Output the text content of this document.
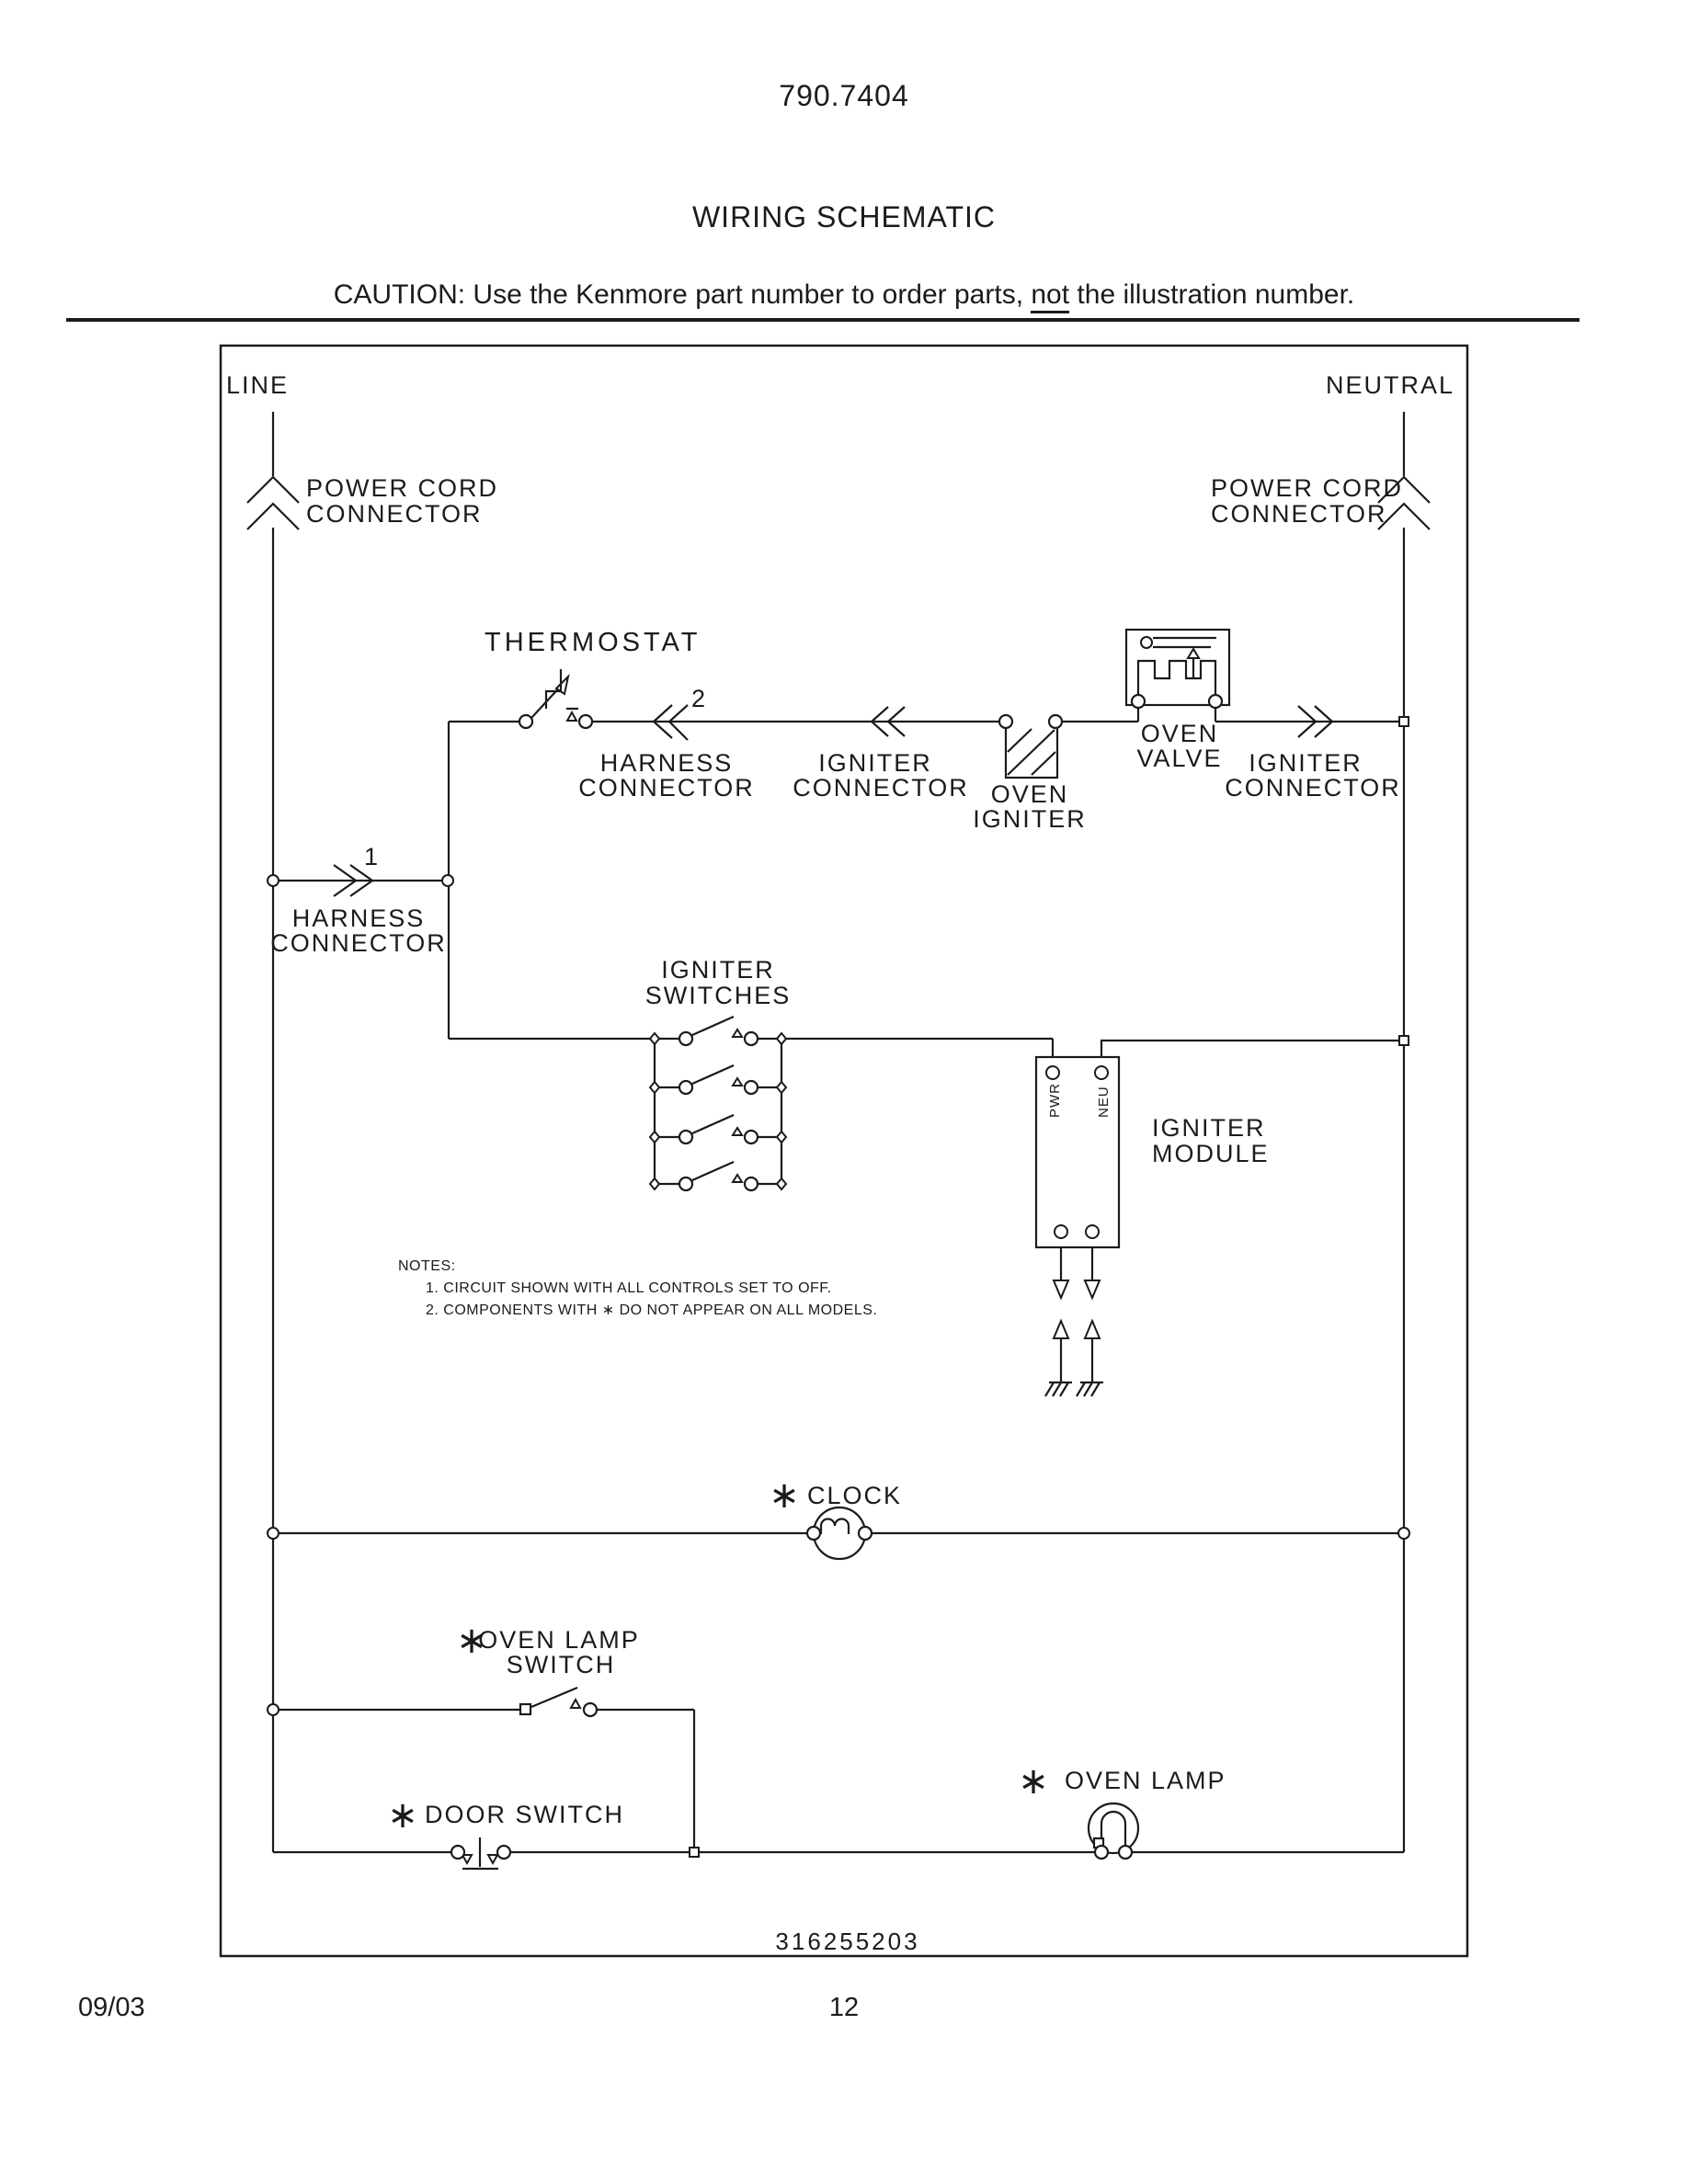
790.7404
WIRING SCHEMATIC
CAUTION: Use the Kenmore part number to order parts, not the illustration number.
LINE	NEUTRAL
POWER CORD
CONNECTOR
POWER CORD
CONNECTOR
THERMOSTAT
2
HARNESS
CONNECTOR
IGNITER
CONNECTOR OVEN
IGNITER
OVEN
VALVE IGNITER
CONNECTOR
1
HARNESS
CONNECTOR
IGNITER
SWITCHES
PWR NEU
IGNITER
MODULE
NOTES:
1. CIRCUIT SHOWN WITH ALL CONTROLS SET TO OFF.
2. COMPONENTS WITH ∗ DO NOT APPEAR ON ALL MODELS.
∗ CLOCK
∗
OVEN LAMP
SWITCH
∗ DOOR SWITCH
∗ OVEN LAMP
316255203
09/03	12
